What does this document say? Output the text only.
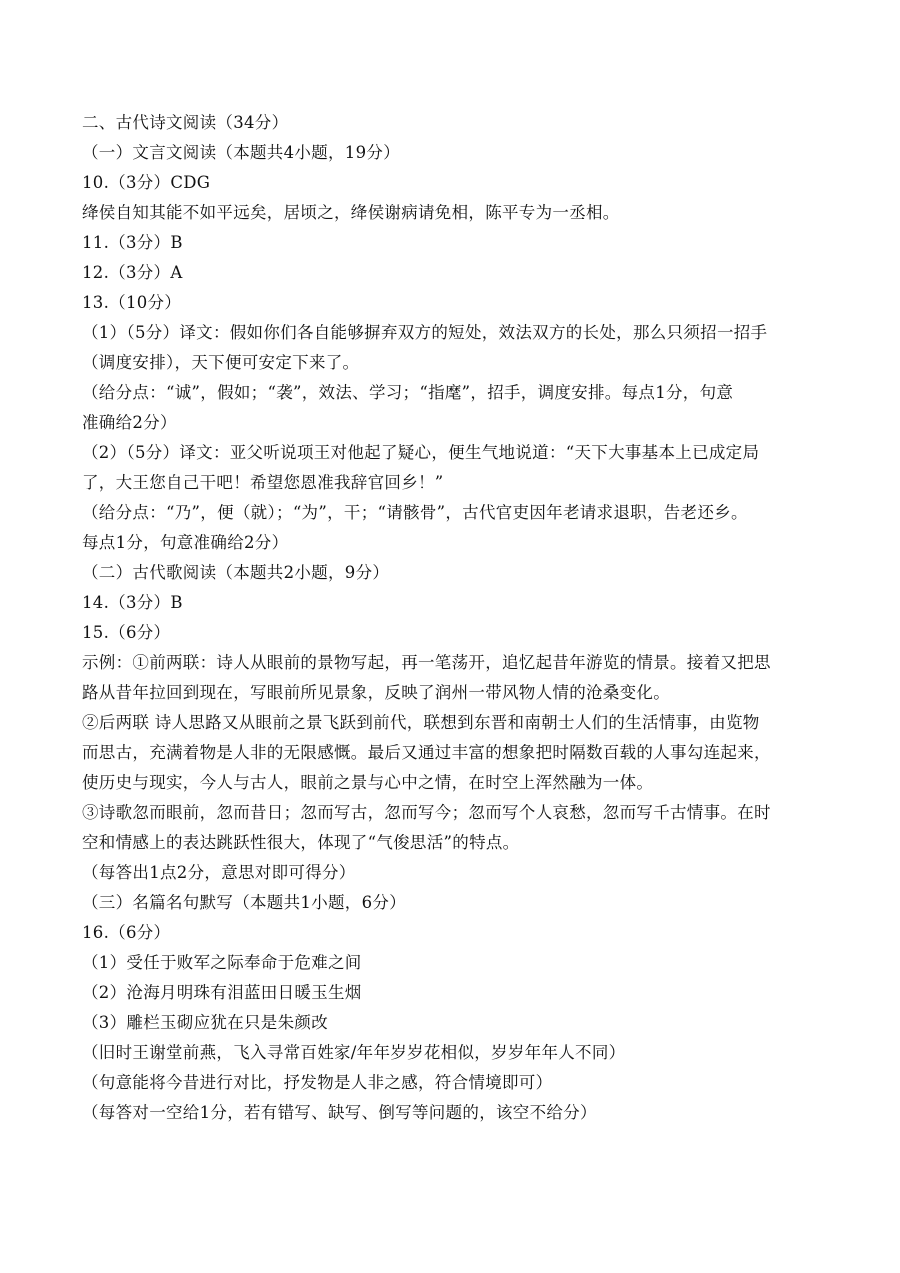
二、古代诗文阅读（34分）
（一）文言文阅读（本题共4小题，19分）
10.（3分）CDG
绛侯自知其能不如平远矣，居顷之，绛侯谢病请免相，陈平专为一丞相。
11.（3分）B
12.（3分）A
13.（10分）
（1）（5分）译文：假如你们各自能够摒弃双方的短处，效法双方的长处，那么只须招一招手
（调度安排），天下便可安定下来了。
（给分点：“诚”，假如；“袭”，效法、学习；“指麾”，招手，调度安排。每点1分，句意
准确给2分）
（2）（5分）译文：亚父听说项王对他起了疑心，便生气地说道：“天下大事基本上已成定局
了，大王您自己干吧！希望您恩准我辞官回乡！”
（给分点：“乃”，便（就）；“为”，干；“请骸骨”，古代官吏因年老请求退职，告老还乡。
每点1分，句意准确给2分）
（二）古代歌阅读（本题共2小题，9分）
14.（3分）B
15.（6分）
示例：①前两联：诗人从眼前的景物写起，再一笔荡开，追忆起昔年游览的情景。接着又把思
路从昔年拉回到现在，写眼前所见景象，反映了润州一带风物人情的沧桑变化。
②后两联 诗人思路又从眼前之景飞跃到前代，联想到东晋和南朝士人们的生活情事，由览物
而思古，充满着物是人非的无限感慨。最后又通过丰富的想象把时隔数百载的人事勾连起来，
使历史与现实，今人与古人，眼前之景与心中之情，在时空上浑然融为一体。
③诗歌忽而眼前，忽而昔日；忽而写古，忽而写今；忽而写个人哀愁，忽而写千古情事。在时
空和情感上的表达跳跃性很大，体现了“气俊思活”的特点。
（每答出1点2分，意思对即可得分）
（三）名篇名句默写（本题共1小题，6分）
16.（6分）
（1）受任于败军之际奉命于危难之间
（2）沧海月明珠有泪蓝田日暖玉生烟
（3）雕栏玉砌应犹在只是朱颜改
（旧时王谢堂前燕，飞入寻常百姓家/年年岁岁花相似，岁岁年年人不同）
（句意能将今昔进行对比，抒发物是人非之感，符合情境即可）
（每答对一空给1分，若有错写、缺写、倒写等问题的，该空不给分）
